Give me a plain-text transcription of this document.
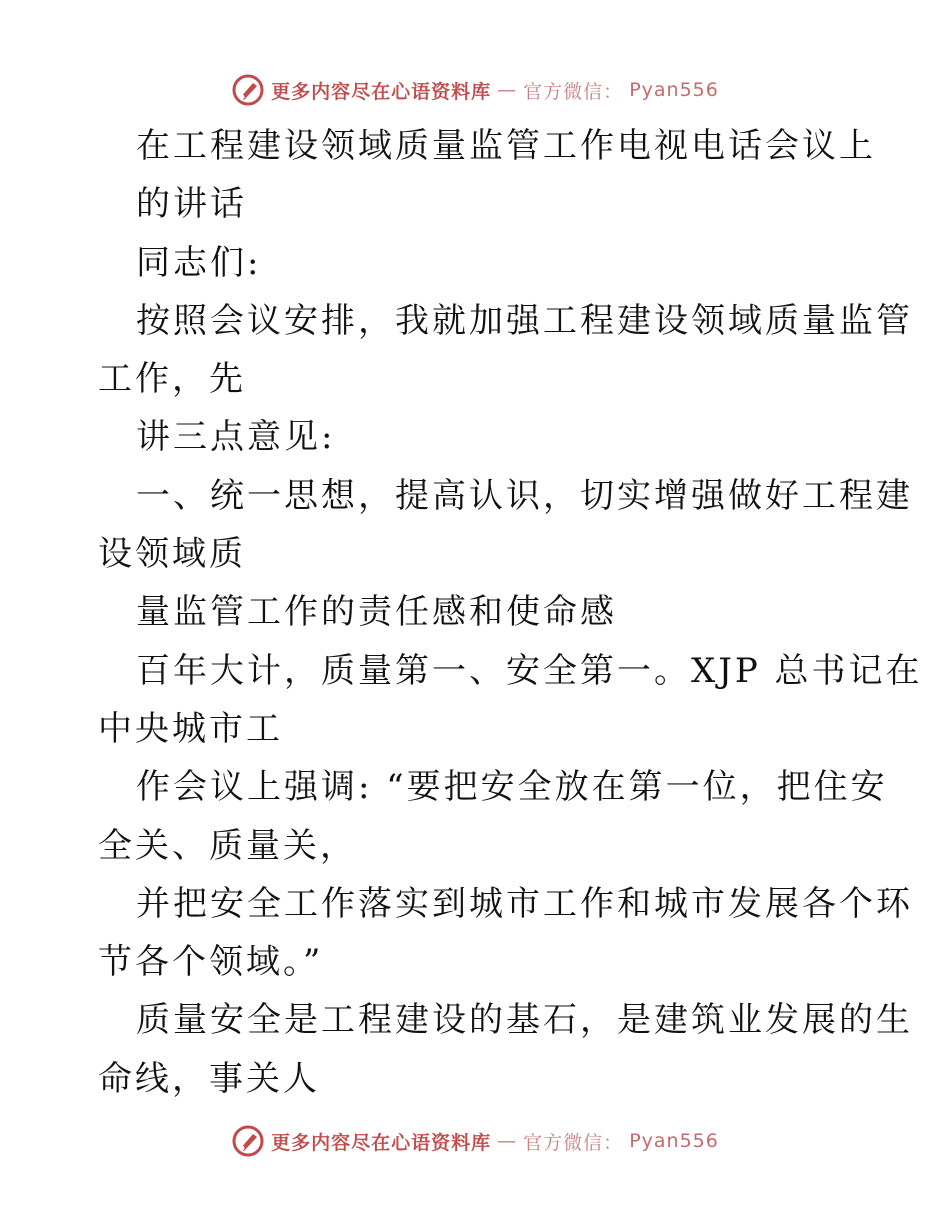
更多内容尽在心语资料库 — 官方微信： Pyan556
在工程建设领域质量监管工作电视电话会议上
的讲话
同志们:
按照会议安排，我就加强工程建设领域质量监管
工作，先
讲三点意见:
一、统一思想，提高认识，切实增强做好工程建
设领域质
量监管工作的责任感和使命感
百年大计，质量第一、安全第一。XJP 总书记在
中央城市工
作会议上强调: “要把安全放在第一位，把住安
全关、质量关，
并把安全工作落实到城市工作和城市发展各个环
节各个领域。”
质量安全是工程建设的基石，是建筑业发展的生
命线，事关人
更多内容尽在心语资料库 — 官方微信： Pyan556
